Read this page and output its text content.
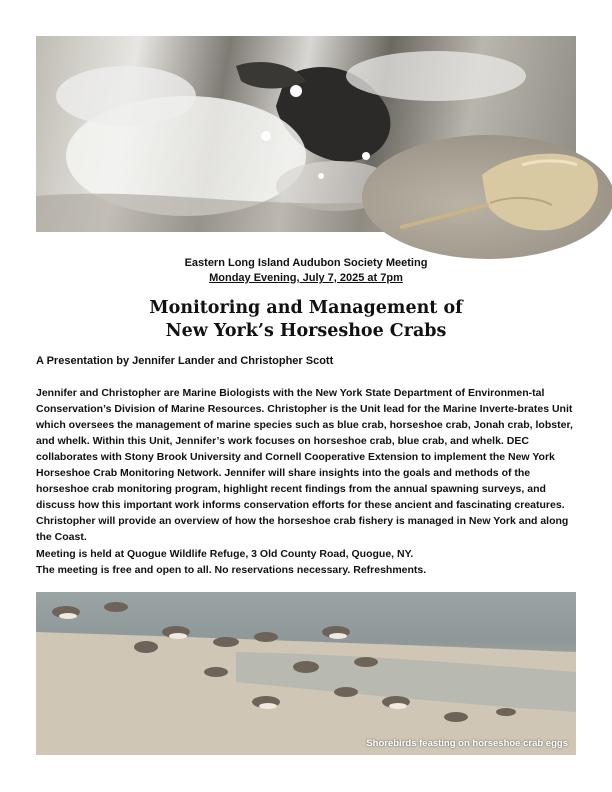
Eastern Long Island Audubon Society Meeting
Monday Evening, July 7, 2025 at 7pm
Monitoring and Management of
New York’s Horseshoe Crabs
A Presentation by Jennifer Lander and Christopher Scott
Jennifer and Christopher are Marine Biologists with the New York State Department of Environmen-tal Conservation’s Division of Marine Resources. Christopher is the Unit lead for the Marine Inverte-brates Unit which oversees the management of marine species such as blue crab, horseshoe crab, Jonah crab, lobster, and whelk. Within this Unit, Jennifer’s work focuses on horseshoe crab, blue crab, and whelk. DEC collaborates with Stony Brook University and Cornell Cooperative Extension to implement the New York Horseshoe Crab Monitoring Network. Jennifer will share insights into the goals and methods of the horseshoe crab monitoring program, highlight recent findings from the annual spawning surveys, and discuss how this important work informs conservation efforts for these ancient and fascinating creatures. Christopher will provide an overview of how the horseshoe crab fishery is managed in New York and along the Coast.
Meeting is held at Quogue Wildlife Refuge, 3 Old County Road, Quogue, NY.
The meeting is free and open to all. No reservations necessary. Refreshments.
Shorebirds feasting on horseshoe crab eggs
